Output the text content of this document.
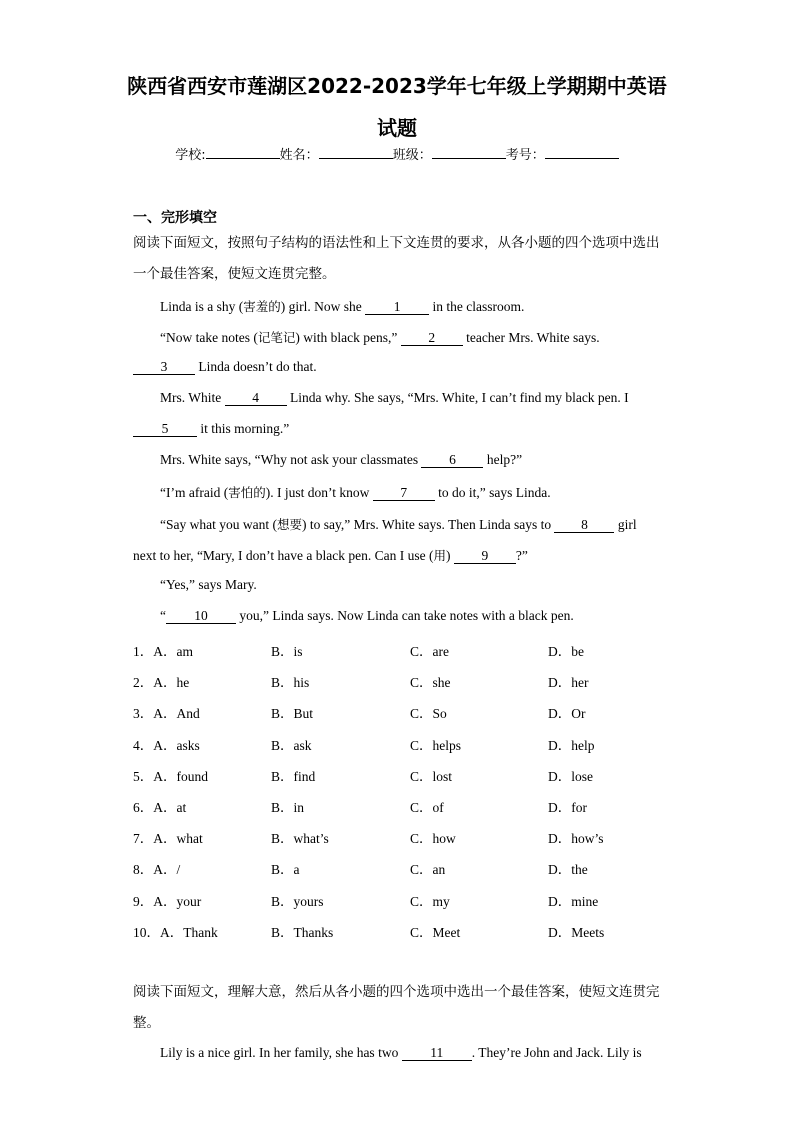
陕西省西安市莲湖区2022-2023学年七年级上学期期中英语
试题
学校:	姓名：	班级：	考号：
一、完形填空
阅读下面短文，按照句子结构的语法性和上下文连贯的要求，从各小题的四个选项中选出一个最佳答案，使短文连贯完整。
Linda is a shy (害羞的) girl. Now she 1 in the classroom.
“Now take notes (记笔记) with black pens,” 2 teacher Mrs. White says.
3 Linda doesn’t do that.
Mrs. White 4 Linda why. She says, “Mrs. White, I can’t find my black pen. I
5 it this morning.”
Mrs. White says, “Why not ask your classmates 6 help?”
“I’m afraid (害怕的). I just don’t know 7 to do it,” says Linda.
“Say what you want (想要) to say,” Mrs. White says. Then Linda says to 8 girl
next to her, “Mary, I don’t have a black pen. Can I use (用) 9 ?”
“Yes,” says Mary.
“ 10 you,” Linda says. Now Linda can take notes with a black pen.
1．A．am	B．is	C．are	D．be
2．A．he	B．his	C．she	D．her
3．A．And	B．But	C．So	D．Or
4．A．asks	B．ask	C．helps	D．help
5．A．found	B．find	C．lost	D．lose
6．A．at	B．in	C．of	D．for
7．A．what	B．what’s	C．how	D．how’s
8．A．/	B．a	C．an	D．the
9．A．your	B．yours	C．my	D．mine
10．A．Thank	B．Thanks	C．Meet	D．Meets
阅读下面短文，理解大意，然后从各小题的四个选项中选出一个最佳答案，使短文连贯完整。
Lily is a nice girl. In her family, she has two 11 . They’re John and Jack. Lily is
